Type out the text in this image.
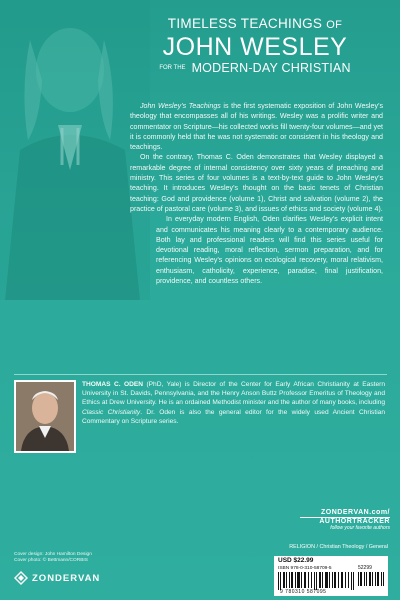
TIMELESS TEACHINGS OF
JOHN WESLEY
FOR THE MODERN-DAY CHRISTIAN

John Wesley’s Teachings is the first systematic exposition of John Wesley’s theology that encompasses all of his writings. Wesley was a prolific writer and commentator on Scripture—his collected works fill twenty-four volumes—and yet it is commonly held that he was not systematic or consistent in his theology and teachings.

On the contrary, Thomas C. Oden demonstrates that Wesley displayed a remarkable degree of internal consistency over sixty years of preaching and ministry. This series of four volumes is a text-by-text guide to John Wesley’s teaching. It introduces Wesley’s thought on the basic tenets of Christian teaching: God and providence (volume 1), Christ and salvation (volume 2), the practice of pastoral care (volume 3), and issues of ethics and society (volume 4).

In everyday modern English, Oden clarifies Wesley’s explicit intent and communicates his meaning clearly to a contemporary audience. Both lay and professional readers will find this series useful for devotional reading, moral reflection, sermon preparation, and for referencing Wesley’s opinions on ecological recovery, moral relativism, enthusiasm, catholicity, experience, paradise, final justification, providence, and countless others.

THOMAS C. ODEN (PhD, Yale) is Director of the Center for Early African Christianity at Eastern University in St. Davids, Pennsylvania, and the Henry Anson Buttz Professor Emeritus of Theology and Ethics at Drew University. He is an ordained Methodist minister and the author of many books, including Classic Christianity. Dr. Oden is also the general editor for the widely used Ancient Christian Commentary on Scripture series.
ZONDERVAN.com/
AUTHORTRACKER
follow your favorite authors
RELIGION / Christian Theology / General
USD $22.99
ISBN 978-0-310-58709-5	52299
9 780310 587095
Cover design: John Hamilton Design
Cover photo: © Bettmann/CORBIS
ZONDERVAN
